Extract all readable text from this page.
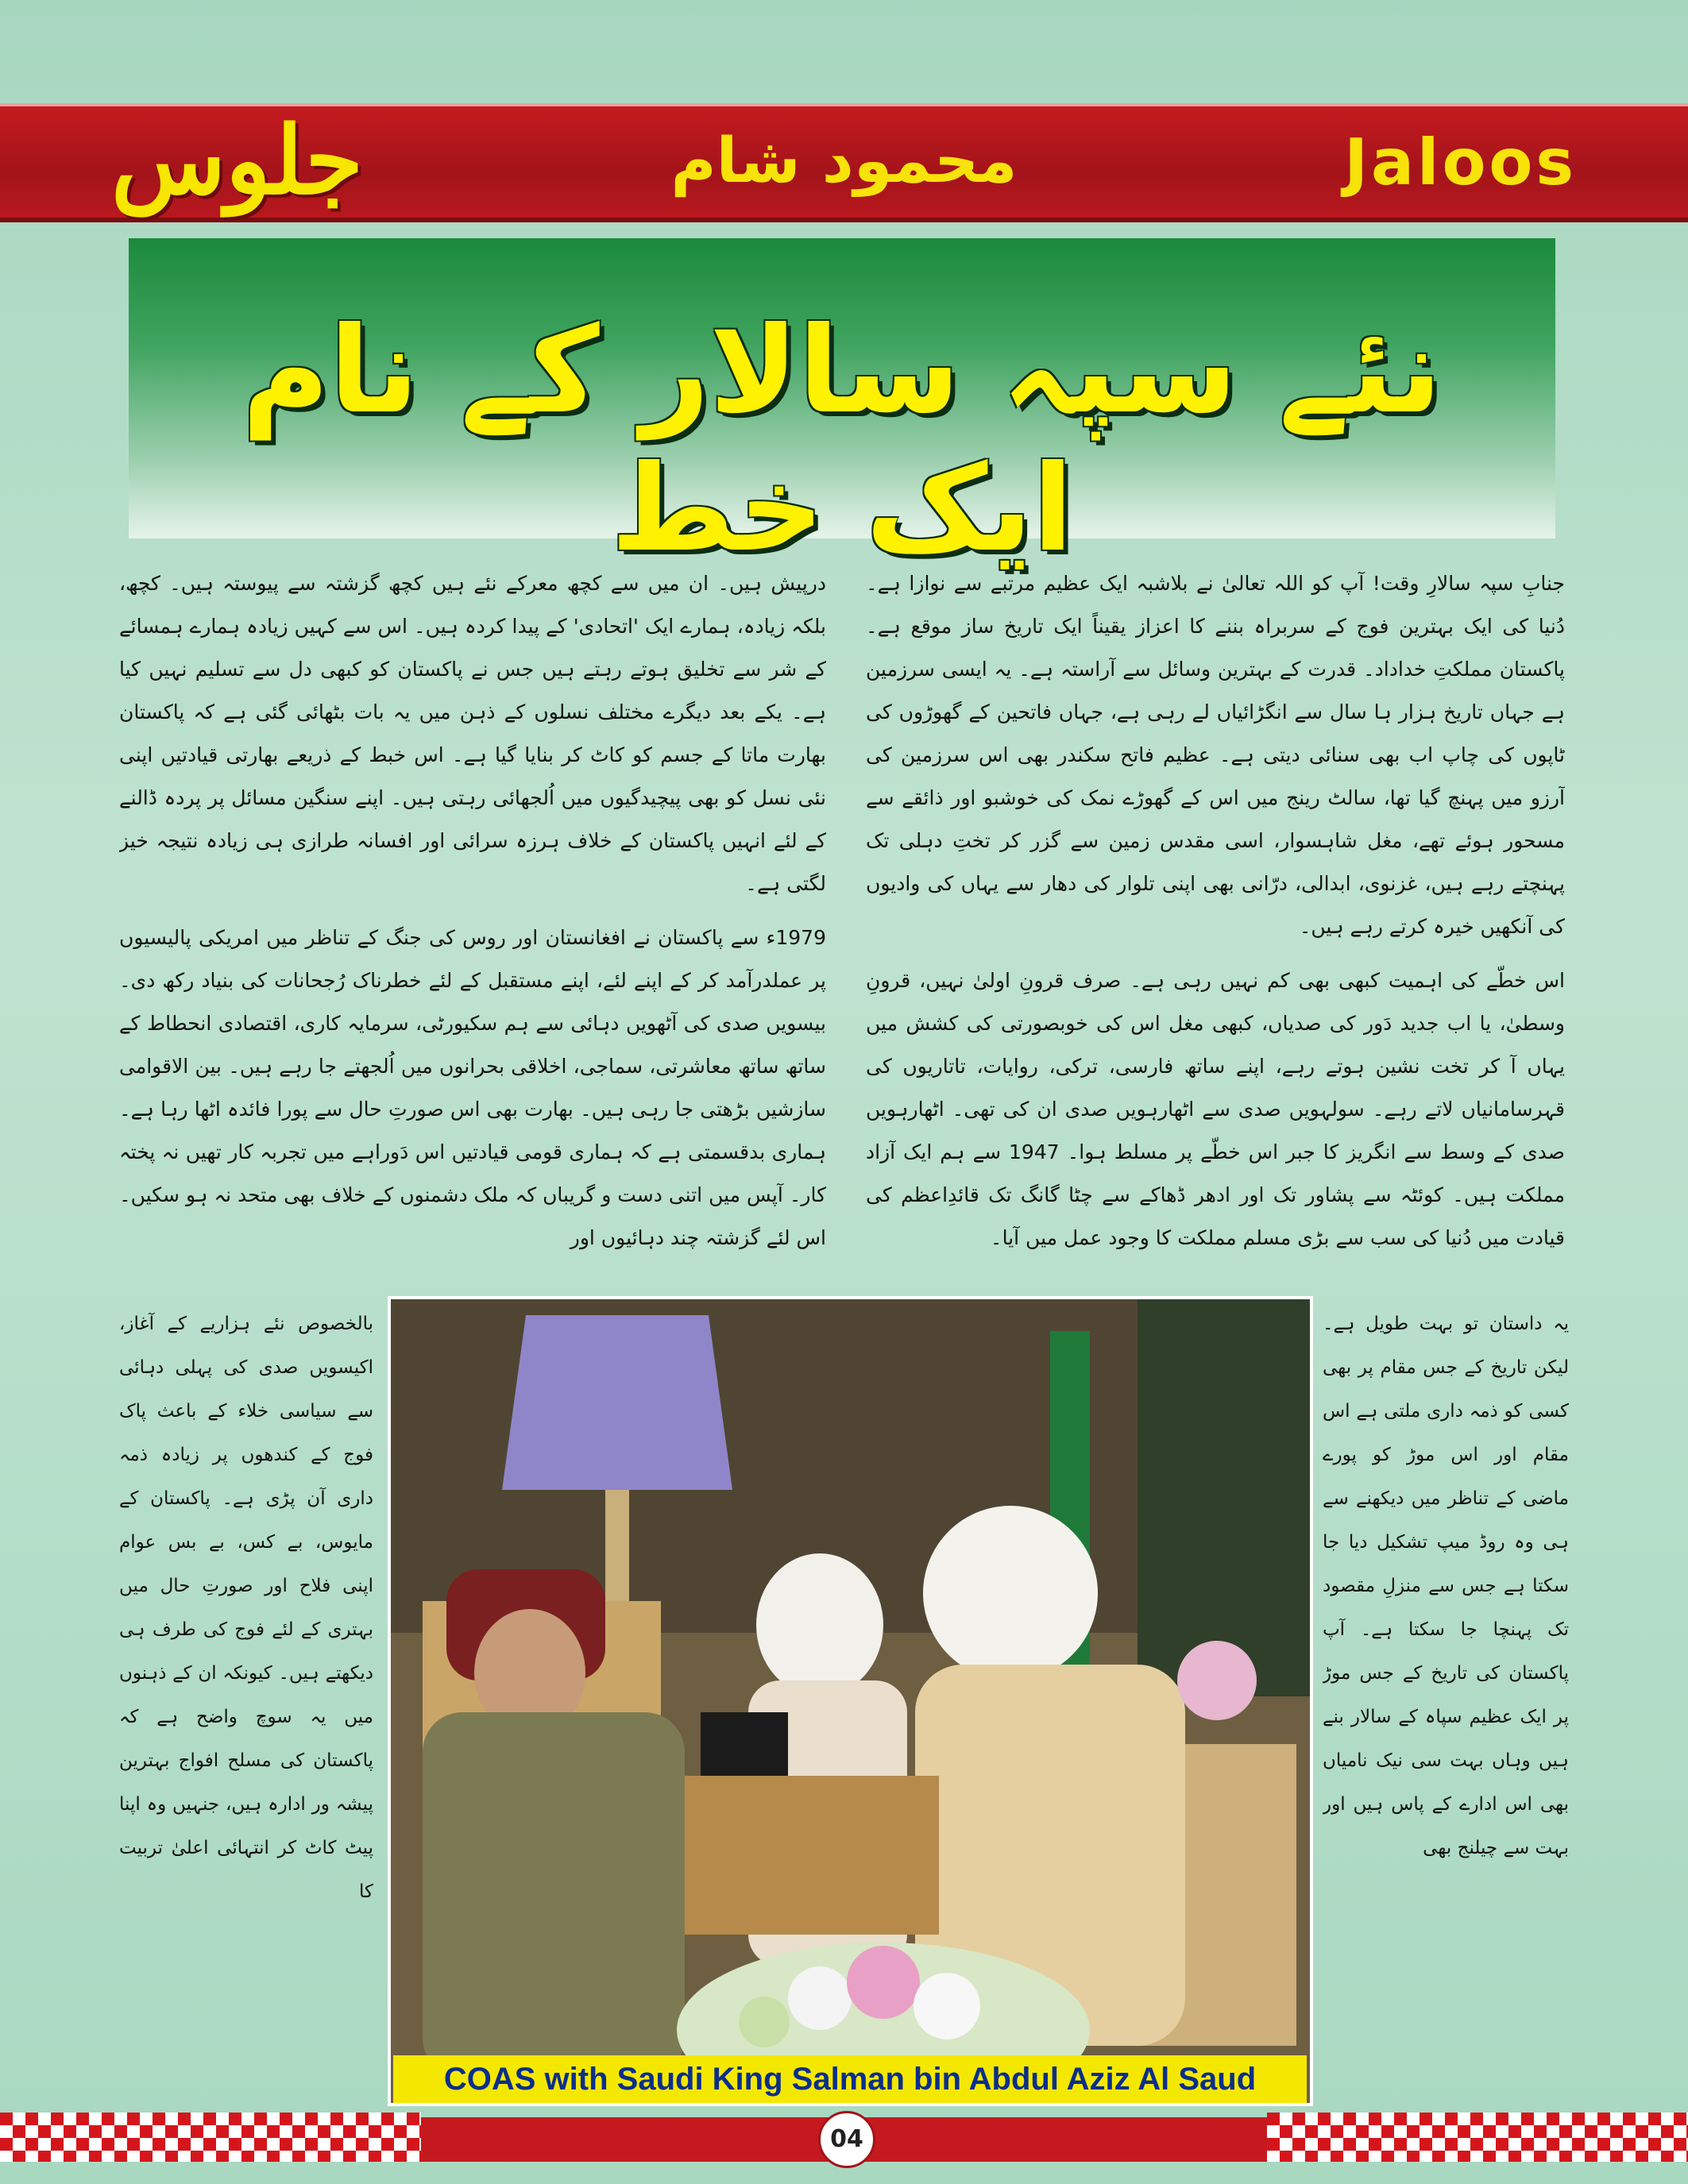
جلوس	محمود شام	Jaloos
نئے سپہ سالار کے نام ایک خط

جنابِ سپہ سالارِ وقت! آپ کو اللہ تعالیٰ نے بلاشبہ ایک عظیم مرتبے سے نوازا ہے۔ دُنیا کی ایک بہترین فوج کے سربراہ بننے کا اعزاز یقیناً ایک تاریخ ساز موقع ہے۔ پاکستان مملکتِ خداداد۔ قدرت کے بہترین وسائل سے آراستہ ہے۔ یہ ایسی سرزمین ہے جہاں تاریخ ہزار ہا سال سے انگڑائیاں لے رہی ہے، جہاں فاتحین کے گھوڑوں کی ٹاپوں کی چاپ اب بھی سنائی دیتی ہے۔ عظیم فاتح سکندر بھی اس سرزمین کی آرزو میں پہنچ گیا تھا، سالٹ رینج میں اس کے گھوڑے نمک کی خوشبو اور ذائقے سے مسحور ہوئے تھے، مغل شاہسوار، اسی مقدس زمین سے گزر کر تختِ دہلی تک پہنچتے رہے ہیں، غزنوی، ابدالی، درّانی بھی اپنی تلوار کی دھار سے یہاں کی وادیوں کی آنکھیں خیرہ کرتے رہے ہیں۔

اس خطّے کی اہمیت کبھی بھی کم نہیں رہی ہے۔ صرف قرونِ اولیٰ نہیں، قرونِ وسطیٰ، یا اب جدید دَور کی صدیاں، کبھی مغل اس کی خوبصورتی کی کشش میں یہاں آ کر تخت نشین ہوتے رہے، اپنے ساتھ فارسی، ترکی، روایات، تاتاریوں کی قہرسامانیاں لاتے رہے۔ سولہویں صدی سے اٹھارہویں صدی ان کی تھی۔ اٹھارہویں صدی کے وسط سے انگریز کا جبر اس خطّے پر مسلط ہوا۔ 1947 سے ہم ایک آزاد مملکت ہیں۔ کوئٹہ سے پشاور تک اور ادھر ڈھاکے سے چٹا گانگ تک قائدِاعظم کی قیادت میں دُنیا کی سب سے بڑی مسلم مملکت کا وجود عمل میں آیا۔

درپیش ہیں۔ ان میں سے کچھ معرکے نئے ہیں کچھ گزشتہ سے پیوستہ ہیں۔ کچھ، بلکہ زیادہ، ہمارے ایک 'اتحادی' کے پیدا کردہ ہیں۔ اس سے کہیں زیادہ ہمارے ہمسائے کے شر سے تخلیق ہوتے رہتے ہیں جس نے پاکستان کو کبھی دل سے تسلیم نہیں کیا ہے۔ یکے بعد دیگرے مختلف نسلوں کے ذہن میں یہ بات بٹھائی گئی ہے کہ پاکستان بھارت ماتا کے جسم کو کاٹ کر بنایا گیا ہے۔ اس خبط کے ذریعے بھارتی قیادتیں اپنی نئی نسل کو بھی پیچیدگیوں میں اُلجھائی رہتی ہیں۔ اپنے سنگین مسائل پر پردہ ڈالنے کے لئے انہیں پاکستان کے خلاف ہرزہ سرائی اور افسانہ طرازی ہی زیادہ نتیجہ خیز لگتی ہے۔

1979ء سے پاکستان نے افغانستان اور روس کی جنگ کے تناظر میں امریکی پالیسیوں پر عملدرآمد کر کے اپنے لئے، اپنے مستقبل کے لئے خطرناک رُجحانات کی بنیاد رکھ دی۔ بیسویں صدی کی آٹھویں دہائی سے ہم سکیورٹی، سرمایہ کاری، اقتصادی انحطاط کے ساتھ ساتھ معاشرتی، سماجی، اخلاقی بحرانوں میں اُلجھتے جا رہے ہیں۔ بین الاقوامی سازشیں بڑھتی جا رہی ہیں۔ بھارت بھی اس صورتِ حال سے پورا فائدہ اٹھا رہا ہے۔ ہماری بدقسمتی ہے کہ ہماری قومی قیادتیں اس دَوراہے میں تجربہ کار تھیں نہ پختہ کار۔ آپس میں اتنی دست و گریباں کہ ملک دشمنوں کے خلاف بھی متحد نہ ہو سکیں۔ اس لئے گزشتہ چند دہائیوں اور

بالخصوص نئے ہزاریے کے آغاز، اکیسویں صدی کی پہلی دہائی سے سیاسی خلاء کے باعث پاک فوج کے کندھوں پر زیادہ ذمہ داری آن پڑی ہے۔ پاکستان کے مایوس، بے کس، بے بس عوام اپنی فلاح اور صورتِ حال میں بہتری کے لئے فوج کی طرف ہی دیکھتے ہیں۔ کیونکہ ان کے ذہنوں میں یہ سوچ واضح ہے کہ پاکستان کی مسلح افواج بہترین پیشہ ور ادارہ ہیں، جنہیں وہ اپنا پیٹ کاٹ کر انتہائی اعلیٰ تربیت کا

یہ داستان تو بہت طویل ہے۔ لیکن تاریخ کے جس مقام پر بھی کسی کو ذمہ داری ملتی ہے اس مقام اور اس موڑ کو پورے ماضی کے تناظر میں دیکھنے سے ہی وہ روڈ میپ تشکیل دیا جا سکتا ہے جس سے منزلِ مقصود تک پہنچا جا سکتا ہے۔ آپ پاکستان کی تاریخ کے جس موڑ پر ایک عظیم سپاہ کے سالار بنے ہیں وہاں بہت سی نیک نامیاں بھی اس ادارے کے پاس ہیں اور بہت سے چیلنج بھی

COAS with Saudi King Salman bin Abdul Aziz Al Saud
04
